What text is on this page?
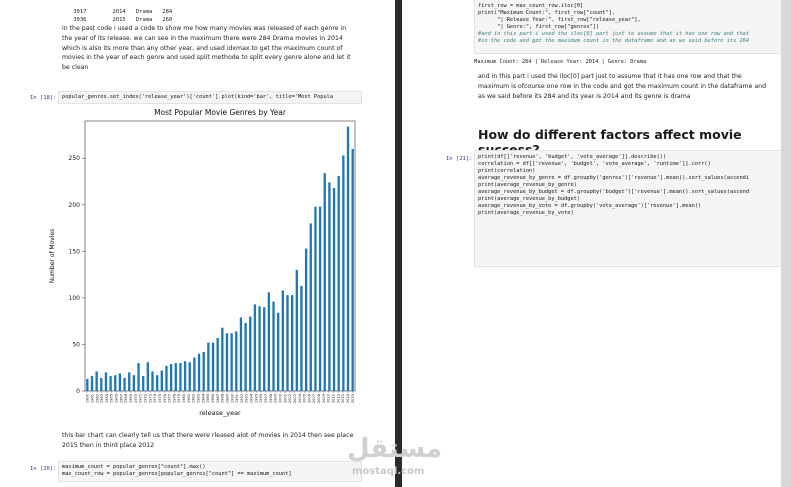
3017	2014 Drama 284

3036	2015 Drama 260

in the past code i used a code to show me how many movies was released of each genre in the year of its release. we can see in the maximum there were 284 Drama movies in 2014 which is also its more than any other year, and used idxmax to get the maximum count of movies in the year of each genre and used split methode to split every genre alone and let it be clean
In [18]:	popular_genres.set_index('release_year')['count'].plot(kind='bar', title='Most Popula
Most Popular Movie Genres by Year
0
50
100
150
200
250
1960 1961 1962 1963 1964 1965 1966 1967 1968 1969 1970 1971 1972 1973 1974 1975 1976 1977 1978 1979 1980 1981 1982 1983 1984 1985 1986 1987 1988 1989 1990 1991 1992 1993 1994 1995 1996 1997 1998 1999 2000 2001 2002 2003 2004 2005 2006 2007 2008 2009 2010 2011 2012 2013 2014 2015
release_year
Number of Movies
this bar chart can clearly tell us that there were rleased alot of movies in 2014 then see place 2015 then in third place 2012
In [20]:	maximum_count = popular_genres["count"].max()
max_count_row = popular_genres[popular_genres["count"] == maximum_count]
first_row = max_count_row.iloc[0]
print("Maximum Count:", first_row["count"],
"| Release Year:", first_row["release_year"],
"| Genre:", first_row["genres"])
#and in this part i used the iloc[0] part just to assume that it has one row and that
#in the code and got the maximum count in the dataframe and as we said before its 284
Maximum Count: 284 | Release Year: 2014 | Genre: Drama
and in this part i used the iloc[0] part just to assume that it has one row and that the maximum is ofcourse one row in the code and got the maximum count in the dataframe and as we said before its 284 and its year is 2014 and its genre is drama
How do different factors affect movie
In [21]:	print(df[['revenue', 'budget', 'vote_average']].describe())
correlation = df[['revenue', 'budget', 'vote_average', 'runtime']].corr()
print(correlation)
average_revenue_by_genre = df.groupby('genres')['revenue'].mean().sort_values(ascendi
print(average_revenue_by_genre)
average_revenue_by_budget = df.groupby('budget')['revenue'].mean().sort_values(ascend
print(average_revenue_by_budget)
average_revenue_by_vote = df.groupby('vote_average')['revenue'].mean()
print(average_revenue_by_vote)
مستقل
mostaql.com
